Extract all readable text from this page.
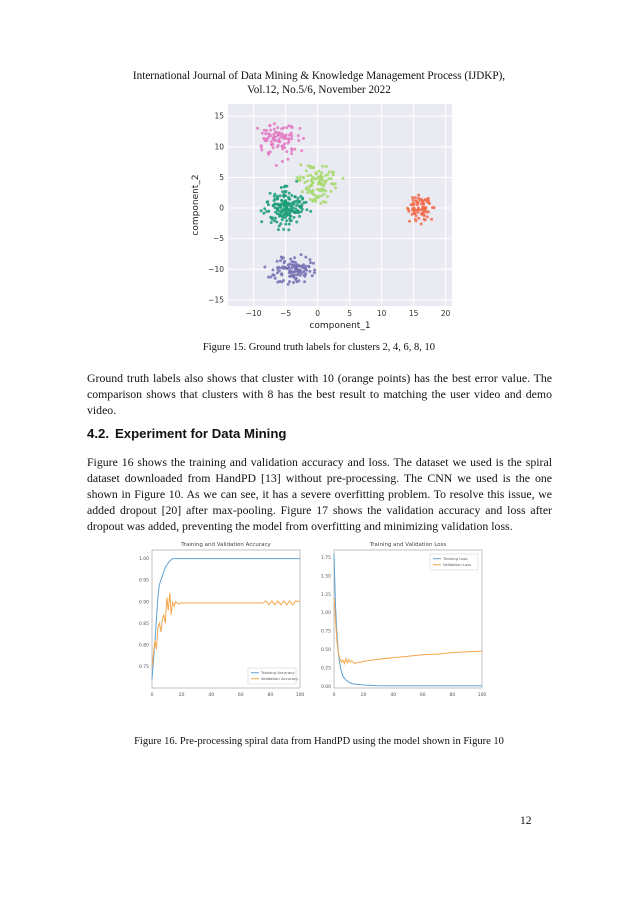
International Journal of Data Mining & Knowledge Management Process (IJDKP),
Vol.12, No.5/6, November 2022
−10 −5	0	5	10	15	20
−15
−10
−5
0
5
10
15
component_1
component_2
Figure 15. Ground truth labels for clusters 2, 4, 6, 8, 10

Ground truth labels also shows that cluster with 10 (orange points) has the best error value. The comparison shows that clusters with 8 has the best result to matching the user video and demo video.

4.2. Experiment for Data Mining

Figure 16 shows the training and validation accuracy and loss. The dataset we used is the spiral dataset downloaded from HandPD [13] without pre-processing. The CNN we used is the one shown in Figure 10. As we can see, it has a severe overfitting problem. To resolve this issue, we added dropout [20] after max-pooling. Figure 17 shows the validation accuracy and loss after dropout was added, preventing the model from overfitting and minimizing validation loss.

Training and Validation Accuracy
0	20	40	60	80	100
0.75
0.80
0.85
0.90
0.95
1.00
Training Accuracy
Validation Accuracy
Training and Validation Loss
0	20	40	60	80	100
0.00
0.25
0.50
0.75
1.00
1.25
1.50
1.75	Training Loss
Validation Loss
Figure 16. Pre-processing spiral data from HandPD using the model shown in Figure 10
12
